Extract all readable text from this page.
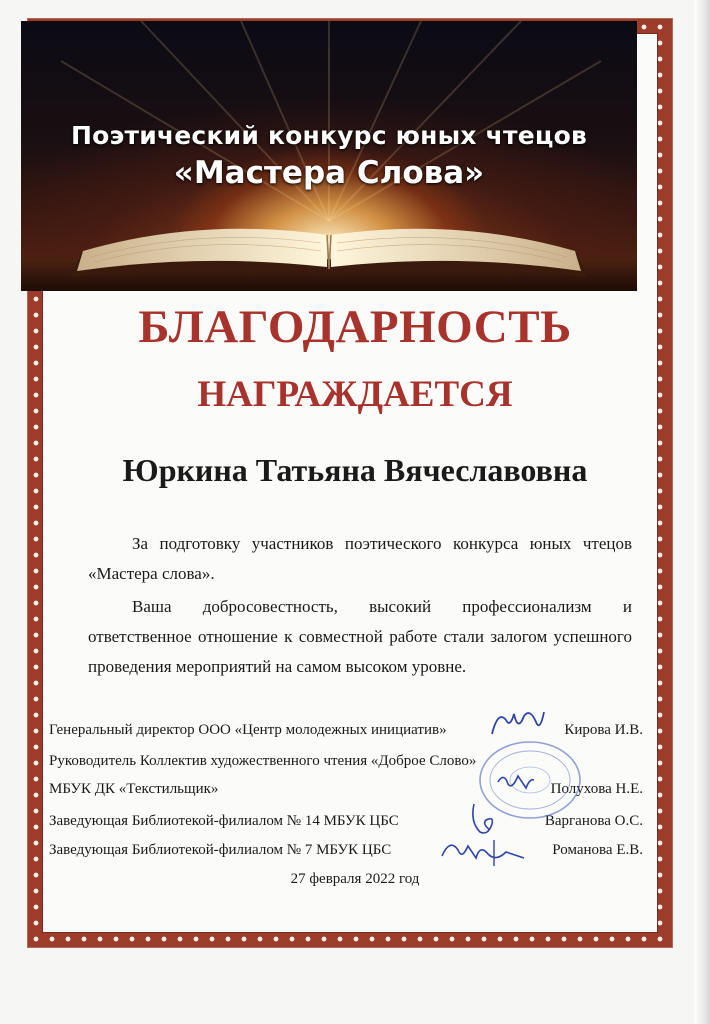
Поэтический конкурс юных чтецов
«Мастера Слова»
БЛАГОДАРНОСТЬ
НАГРАЖДАЕТСЯ
Юркина Татьяна Вячеславовна
За подготовку участников поэтического конкурса юных чтецов «Мастера слова».
Ваша добросовестность, высокий профессионализм и ответственное отношение к совместной работе стали залогом успешного проведения мероприятий на самом высоком уровне.
Генеральный директор ООО «Центр молодежных инициатив»	Кирова И.В.
Руководитель Коллектив художественного чтения «Доброе Слово»
МБУК ДК «Текстильщик»	Полухова Н.Е.
Заведующая Библиотекой-филиалом № 14 МБУК ЦБС	Варганова О.С.
Заведующая Библиотекой-филиалом № 7 МБУК ЦБС	Романова Е.В.
27 февраля 2022 год
